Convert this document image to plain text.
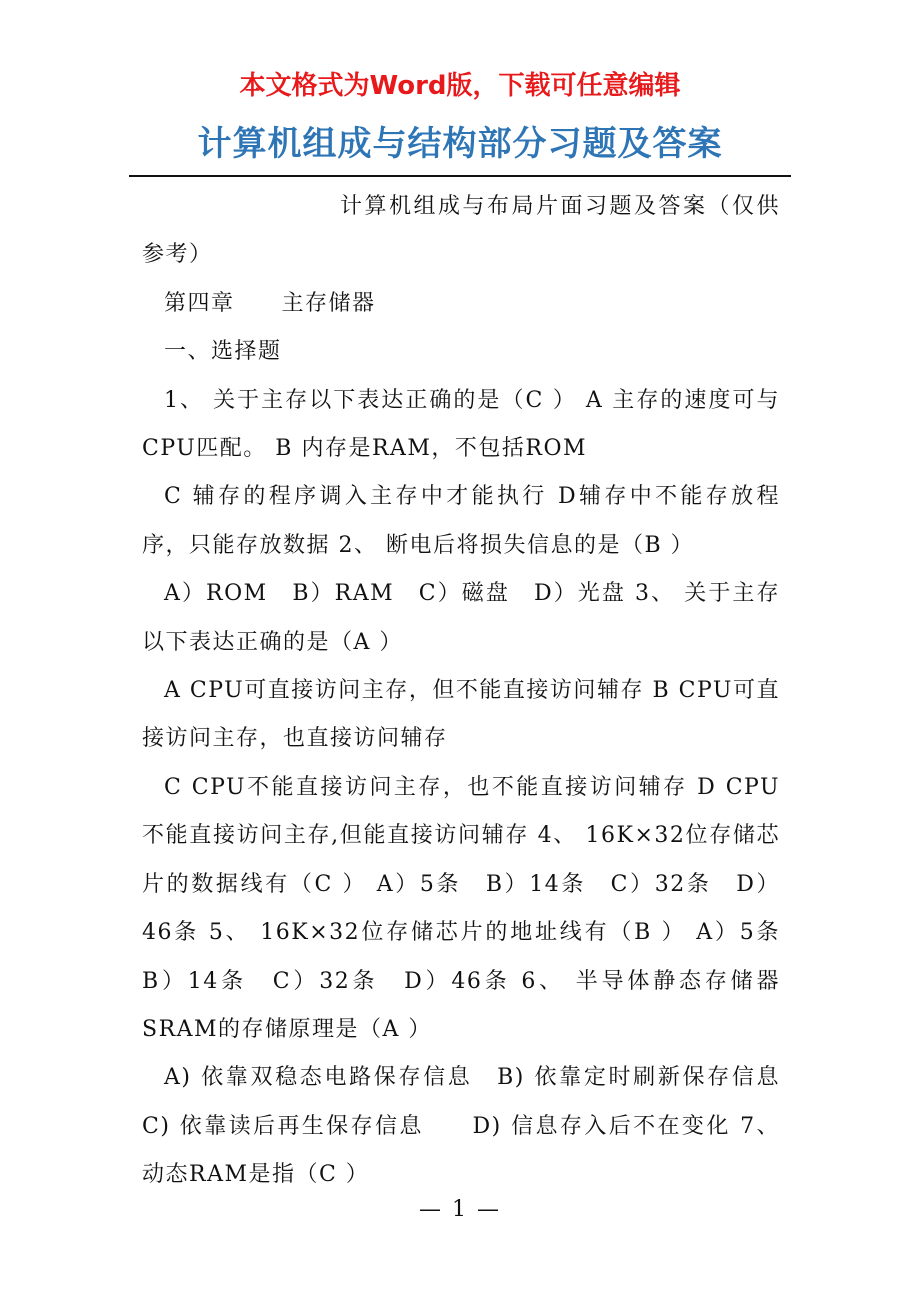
本文格式为Word版，下载可任意编辑
计算机组成与结构部分习题及答案

计算机组成与布局片面习题及答案（仅供参考）

第四章　　主存储器

一、选择题

1、 关于主存以下表达正确的是（C ） A 主存的速度可与CPU匹配。 B 内存是RAM，不包括ROM

C 辅存的程序调入主存中才能执行 D辅存中不能存放程序，只能存放数据 2、 断电后将损失信息的是（B ）

A）ROM　B）RAM　C）磁盘　D）光盘 3、 关于主存以下表达正确的是（A ）

A CPU可直接访问主存，但不能直接访问辅存 B CPU可直接访问主存，也直接访问辅存

C CPU不能直接访问主存，也不能直接访问辅存 D CPU不能直接访问主存,但能直接访问辅存 4、 16K×32位存储芯片的数据线有（C ） A）5条　B）14条　C）32条　D）46条 5、 16K×32位存储芯片的地址线有（B ） A）5条　B）14条　C）32条　D）46条 6、 半导体静态存储器SRAM的存储原理是（A ）

A) 依靠双稳态电路保存信息　B) 依靠定时刷新保存信息 C) 依靠读后再生保存信息　　D) 信息存入后不在变化 7、 动态RAM是指（C ）

— 1 —
